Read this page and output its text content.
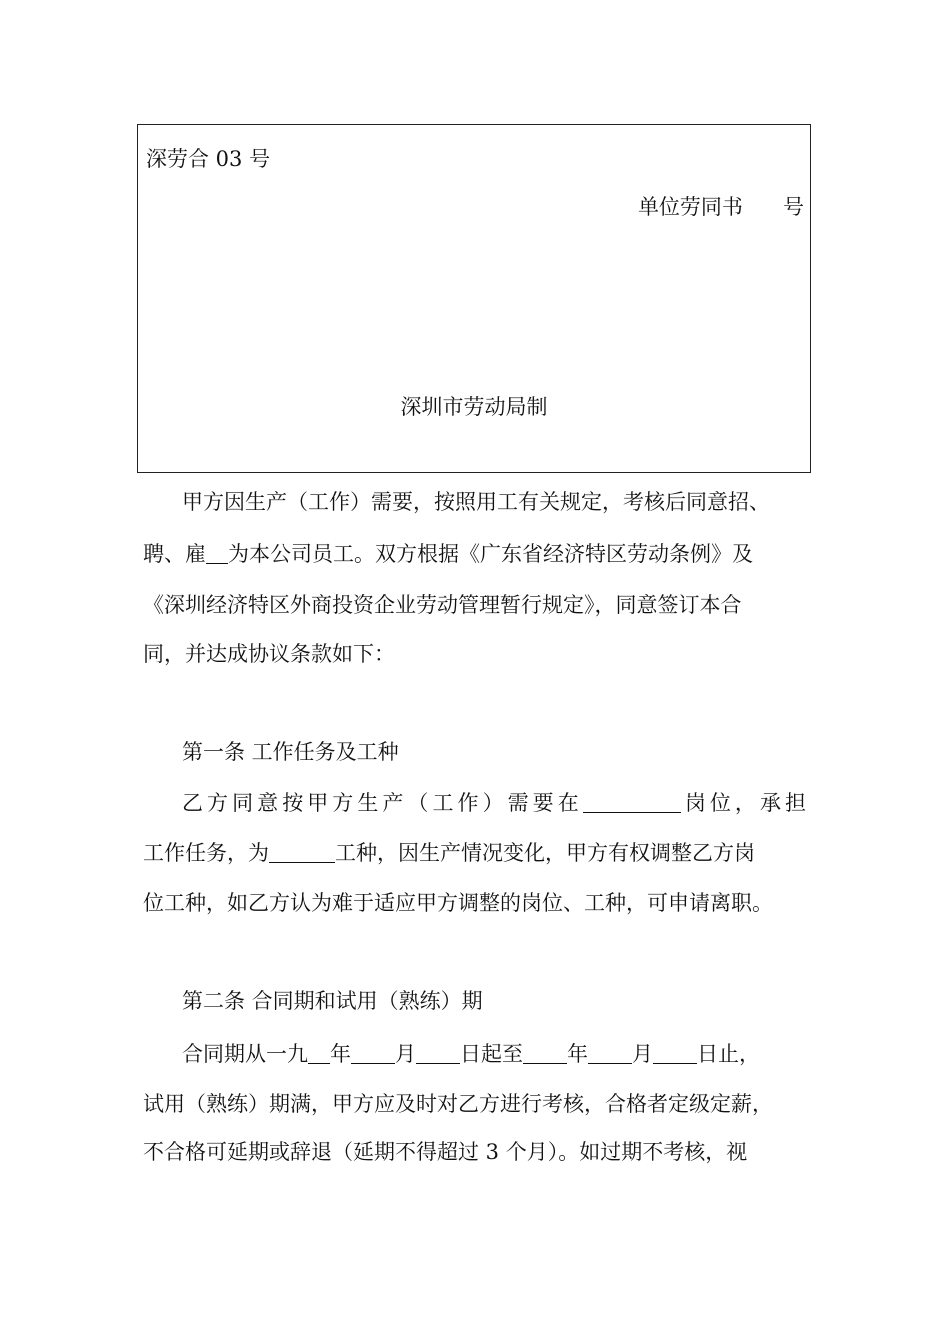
深劳合 03 号
单位劳同书      号
深圳市劳动局制
甲方因生产（工作）需要，按照用工有关规定，考核后同意招、
聘、雇 为本公司员工。双方根据《广东省经济特区劳动条例》及
《深圳经济特区外商投资企业劳动管理暂行规定》，同意签订本合
同，并达成协议条款如下：
第一条 工作任务及工种
乙方同意按甲方生产（工作）需要在	岗位，承担
工作任务，为	工种，因生产情况变化，甲方有权调整乙方岗
位工种，如乙方认为难于适应甲方调整的岗位、工种，可申请离职。
第二条 合同期和试用（熟练）期
合同期从一九 年 月 日起至 年 月 日止，
试用（熟练）期满，甲方应及时对乙方进行考核，合格者定级定薪，
不合格可延期或辞退（延期不得超过 3 个月）。如过期不考核，视
